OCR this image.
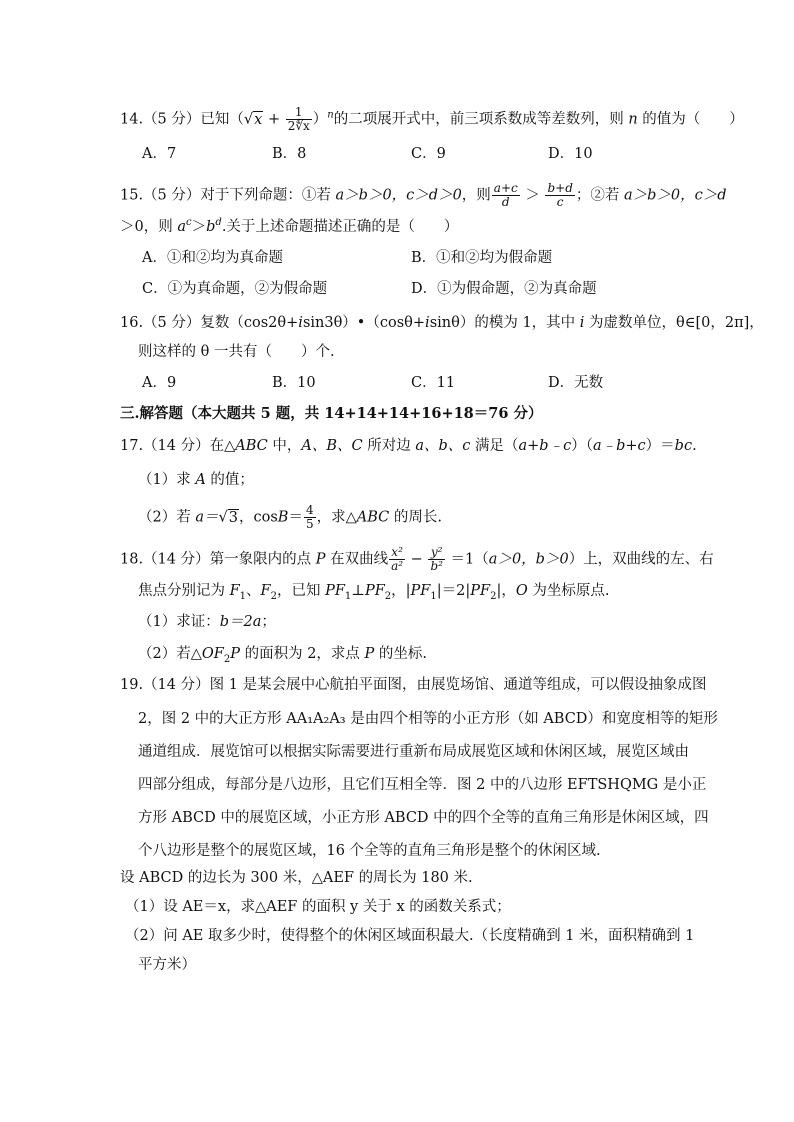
14.（5 分）已知$(√x + \frac{1}{2∜x} )^n$的二项展开式中，前三项系数成等差数列，则 n 的值为（　　）
A．7	B．8	C．9	D．10
15.（5 分）对于下列命题：①若 a＞b＞0，c＞d＞0，则 $\frac{a+c}{d} > \frac{b+d}{c}$ ；②若 a＞b＞0，c＞d
＞0，则 $a^c>b^d$.关于上述命题描述正确的是（　　）
A．①和②均为真命题	B．①和②均为假命题
C．①为真命题，②为假命题	D．①为假命题，②为真命题
16.（5 分）复数（cos2θ+isin3θ）•（cosθ+isinθ）的模为 1，其中 i 为虚数单位，θ∈[0，2π]，
则这样的 θ 一共有（　　）个.
A．9	B．10	C．11	D．无数
三.解答题（本大题共 5 题，共 14+14+14+16+18＝76 分）
17.（14 分）在△ABC 中，A、B、C 所对边 a、b、c 满足（a+b﹣c）（a﹣b+c）＝bc.
（1）求 A 的值；
（2）若 a＝√3，$\cos B= \frac{4}{5}$ ，求△ABC 的周长.
18.（14 分）第一象限内的点 P 在双曲线 $\frac{\text{x²}}{\text{a²}} - \frac{\text{y²}}{\text{b²}} =1(a>0$，b＞0）上，双曲线的左、右
焦点分别记为 $F_1$、$F_2$，已知 $PF_1\perp PF_2$，$|PF_1|=2|PF_2|$，O 为坐标原点.
（1）求证：b＝2a；
（2）若$\triangle OF_2P$ 的面积为 2，求点 P 的坐标.
19.（14 分）图 1 是某会展中心航拍平面图，由展览场馆、通道等组成，可以假设抽象成图
2，图 2 中的大正方形 AA₁A₂A₃ 是由四个相等的小正方形（如 ABCD）和宽度相等的矩形
通道组成．展览馆可以根据实际需要进行重新布局成展览区域和休闲区域，展览区域由
四部分组成，每部分是八边形，且它们互相全等．图 2 中的八边形 EFTSHQMG 是小正
方形 ABCD 中的展览区域，小正方形 ABCD 中的四个全等的直角三角形是休闲区域，四
个八边形是整个的展览区域，16 个全等的直角三角形是整个的休闲区域.
设 ABCD 的边长为 300 米，△AEF 的周长为 180 米.
（1）设 AE＝x，求△AEF 的面积 y 关于 x 的函数关系式；
（2）问 AE 取多少时，使得整个的休闲区域面积最大.（长度精确到 1 米，面积精确到 1
平方米）
